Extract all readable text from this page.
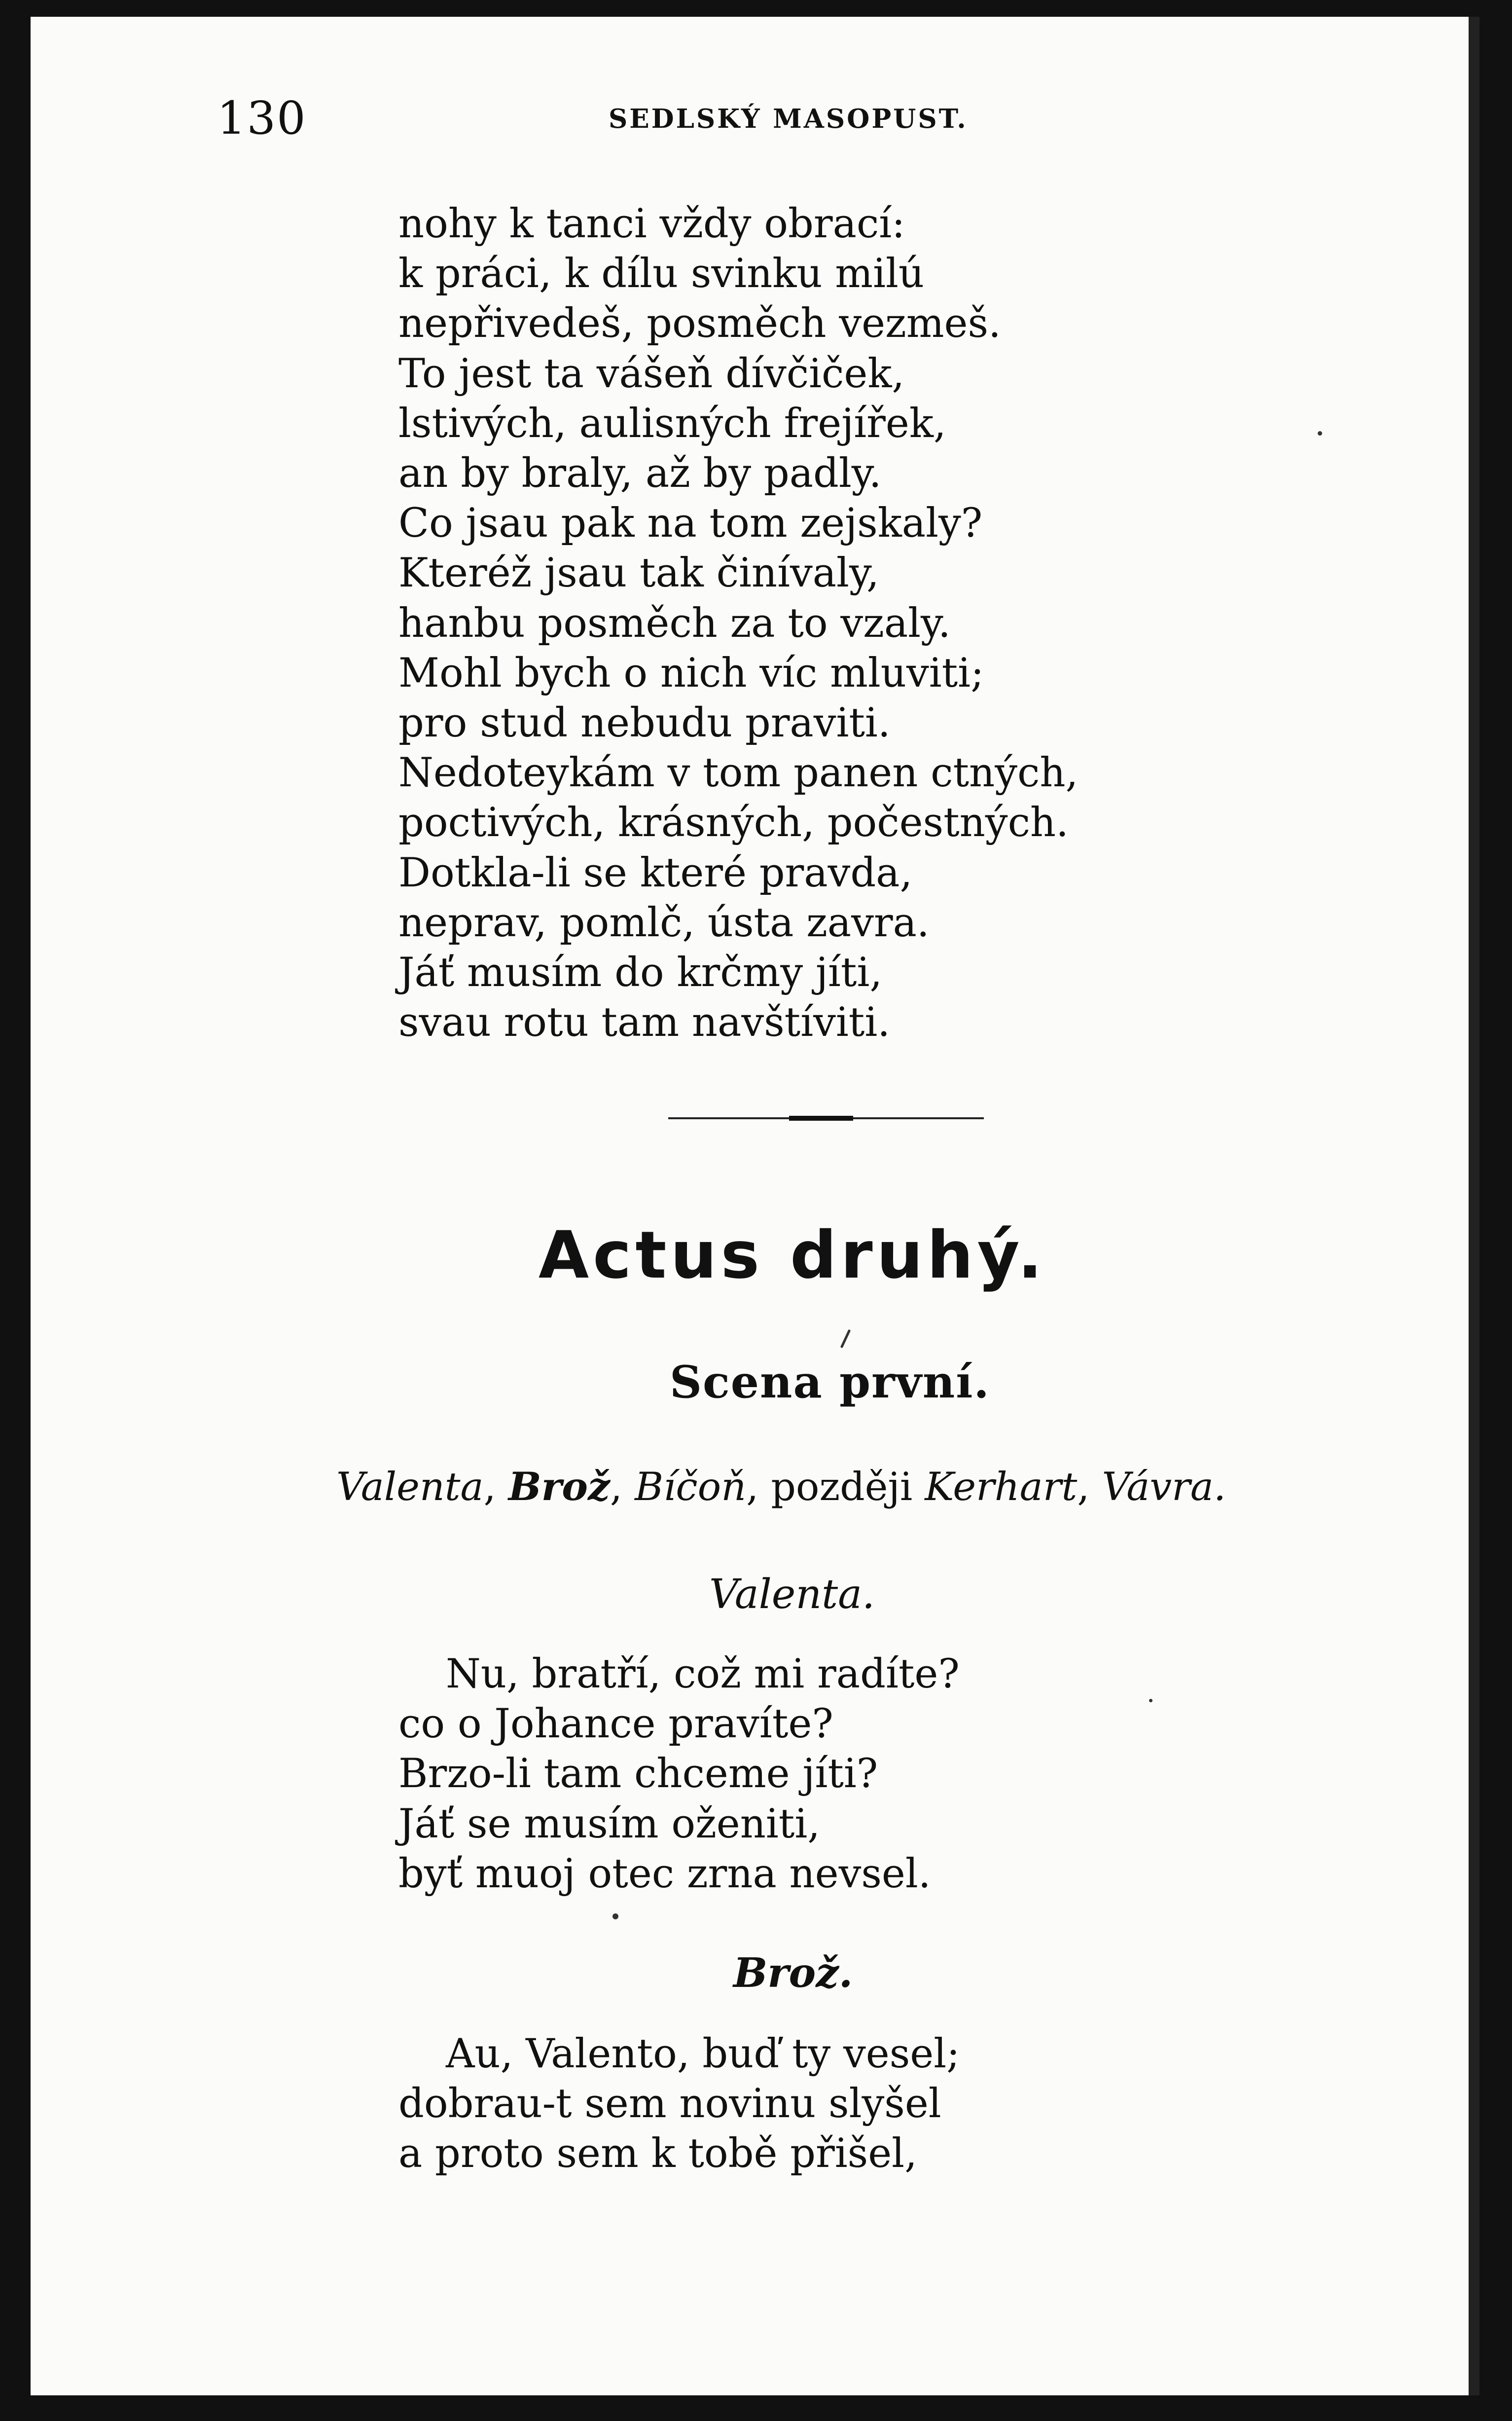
130	SEDLSKÝ MASOPUST.
nohy k tanci vždy obrací:
k práci, k dílu svinku milú
nepřivedeš, posměch vezmeš.
To jest ta vášeň dívčiček,
lstivých, aulisných frejířek,
an by braly, až by padly.
Co jsau pak na tom zejskaly?
Kteréž jsau tak činívaly,
hanbu posměch za to vzaly.
Mohl bych o nich víc mluviti;
pro stud nebudu praviti.
Nedoteykám v tom panen ctných,
poctivých, krásných, počestných.
Dotkla-li se které pravda,
neprav, pomlč, ústa zavra.
Jáť musím do krčmy jíti,
svau rotu tam navštíviti.
Actus druhý.
Scena první.
Valenta, Brož, Bíčoň, později Kerhart, Vávra.
Valenta.
Nu, bratří, což mi radíte?
co o Johance pravíte?
Brzo-li tam chceme jíti?
Jáť se musím oženiti,
byť muoj otec zrna nevsel.
Brož.
Au, Valento, buď ty vesel;
dobrau-t sem novinu slyšel
a proto sem k tobě přišel,
